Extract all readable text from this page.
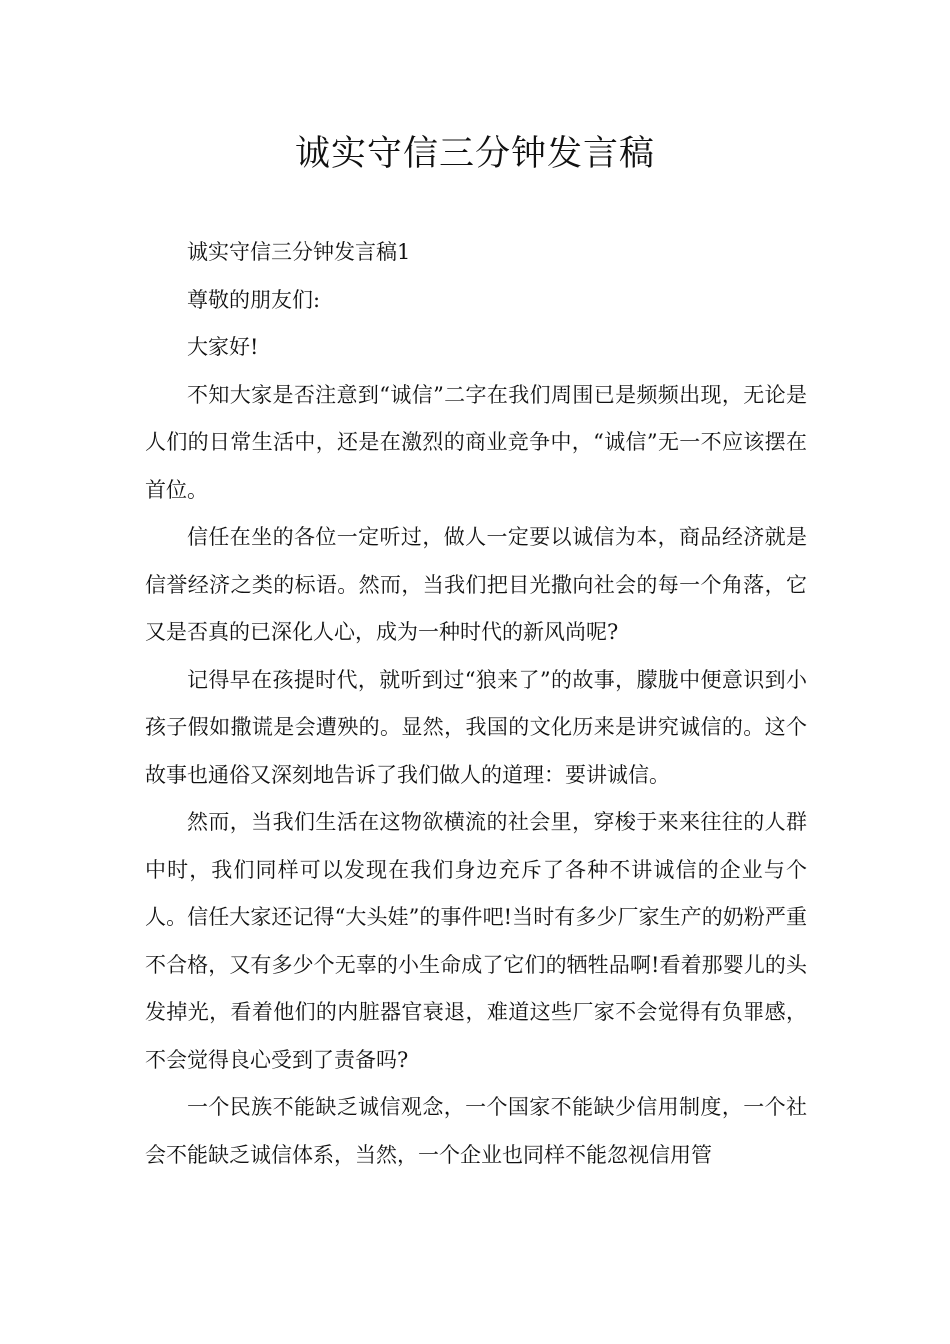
诚实守信三分钟发言稿

诚实守信三分钟发言稿1

尊敬的朋友们:

大家好!

不知大家是否注意到“诚信”二字在我们周围已是频频出现，无论是人们的日常生活中，还是在激烈的商业竞争中，“诚信”无一不应该摆在首位。

信任在坐的各位一定听过，做人一定要以诚信为本，商品经济就是信誉经济之类的标语。然而，当我们把目光撒向社会的每一个角落，它又是否真的已深化人心，成为一种时代的新风尚呢?

记得早在孩提时代，就听到过“狼来了”的故事，朦胧中便意识到小孩子假如撒谎是会遭殃的。显然，我国的文化历来是讲究诚信的。这个故事也通俗又深刻地告诉了我们做人的道理：要讲诚信。

然而，当我们生活在这物欲横流的社会里，穿梭于来来往往的人群中时，我们同样可以发现在我们身边充斥了各种不讲诚信的企业与个人。信任大家还记得“大头娃”的事件吧!当时有多少厂家生产的奶粉严重不合格，又有多少个无辜的小生命成了它们的牺牲品啊!看着那婴儿的头发掉光，看着他们的内脏器官衰退，难道这些厂家不会觉得有负罪感，不会觉得良心受到了责备吗?

一个民族不能缺乏诚信观念，一个国家不能缺少信用制度，一个社会不能缺乏诚信体系，当然，一个企业也同样不能忽视信用管
